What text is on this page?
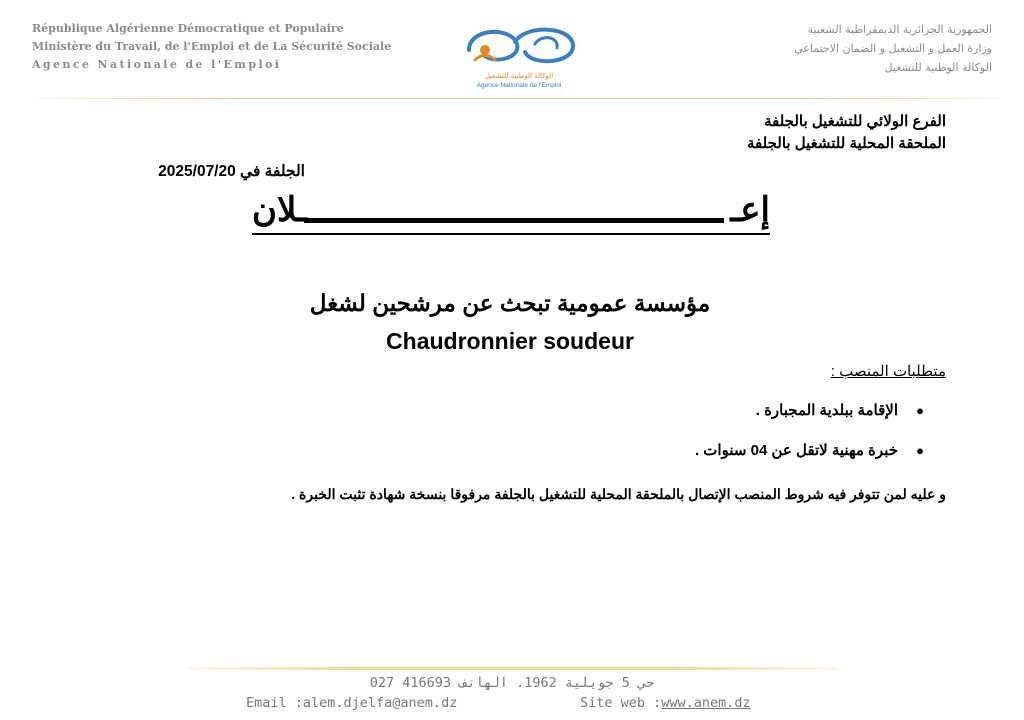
République Algérienne Démocratique et Populaire
Ministère du Travail, de l'Emploi et de La Sécurité Sociale
Agence Nationale de l'Emploi
الوكالة الوطنية للتشغيل
Agence Nationale de l'Emploi
الجمهورية الجزائرية الديمقراطية الشعبية
وزارة العمل و التشغيل و الضمان الاجتماعي
الوكالة الوطنية للتشغيل
الفرع الولائي للتشغيل بالجلفة
الملحقة المحلية للتشغيل بالجلفة
الجلفة في 2025/07/20
إعـ
ـلان
مؤسسة عمومية تبحث عن مرشحين لشغل
Chaudronnier soudeur
متطلبات المنصب :
● الإقامة ببلدية المجبارة .
● خبرة مهنية لاتقل عن 04 سنوات .
و عليه لمن تتوفر فيه شروط المنصب الإتصال بالملحقة المحلية للتشغيل بالجلفة مرفوقا بنسخة شهادة تثبت الخبرة .
حي 5 جويلية 1962. الهاتف 416693 027
Email :alem.djelfa@anem.dz	Site web :www.anem.dz
